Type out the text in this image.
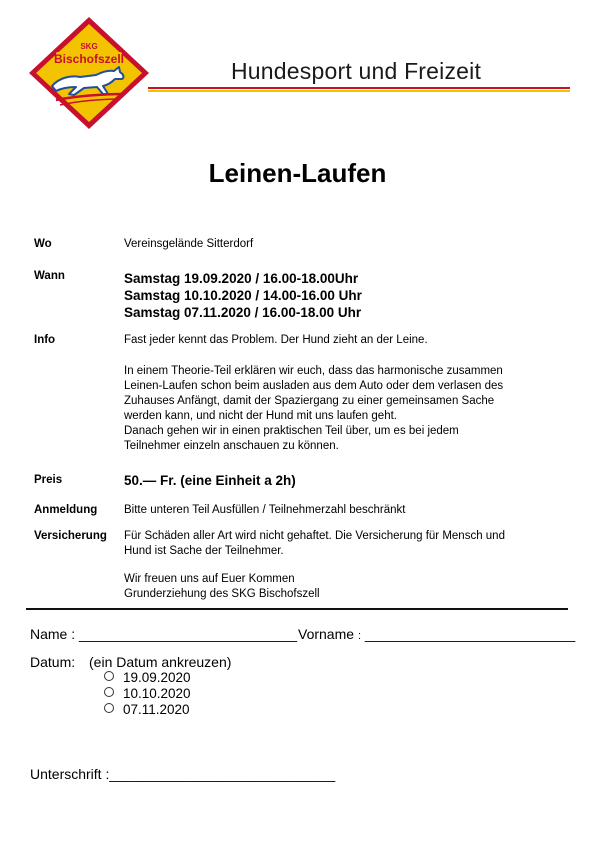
SKG
Bischofszell	Hundesport und Freizeit
Leinen-Laufen
Wo	Vereinsgelände Sitterdorf
Wann	Samstag 19.09.2020 / 16.00-18.00Uhr
Samstag 10.10.2020 / 14.00-16.00 Uhr
Samstag 07.11.2020 / 16.00-18.00 Uhr
Info	Fast jeder kennt das Problem. Der Hund zieht an der Leine.
In einem Theorie-Teil erklären wir euch, dass das harmonische zusammen
Leinen-Laufen schon beim ausladen aus dem Auto oder dem verlasen des
Zuhauses Anfängt, damit der Spaziergang zu einer gemeinsamen Sache
werden kann, und nicht der Hund mit uns laufen geht.
Danach gehen wir in einen praktischen Teil über, um es bei jedem
Teilnehmer einzeln anschauen zu können.
Preis	50.— Fr. (eine Einheit a 2h)
Anmeldung Bitte unteren Teil Ausfüllen / Teilnehmerzahl beschränkt
Versicherung Für Schäden aller Art wird nicht gehaftet. Die Versicherung für Mensch und
Hund ist Sache der Teilnehmer.
Wir freuen uns auf Euer Kommen
Grunderziehung des SKG Bischofszell
Name : ____________________________ Vorname : ___________________________
Datum: (ein Datum ankreuzen)
19.09.2020
10.10.2020
07.11.2020
Unterschrift :_____________________________
